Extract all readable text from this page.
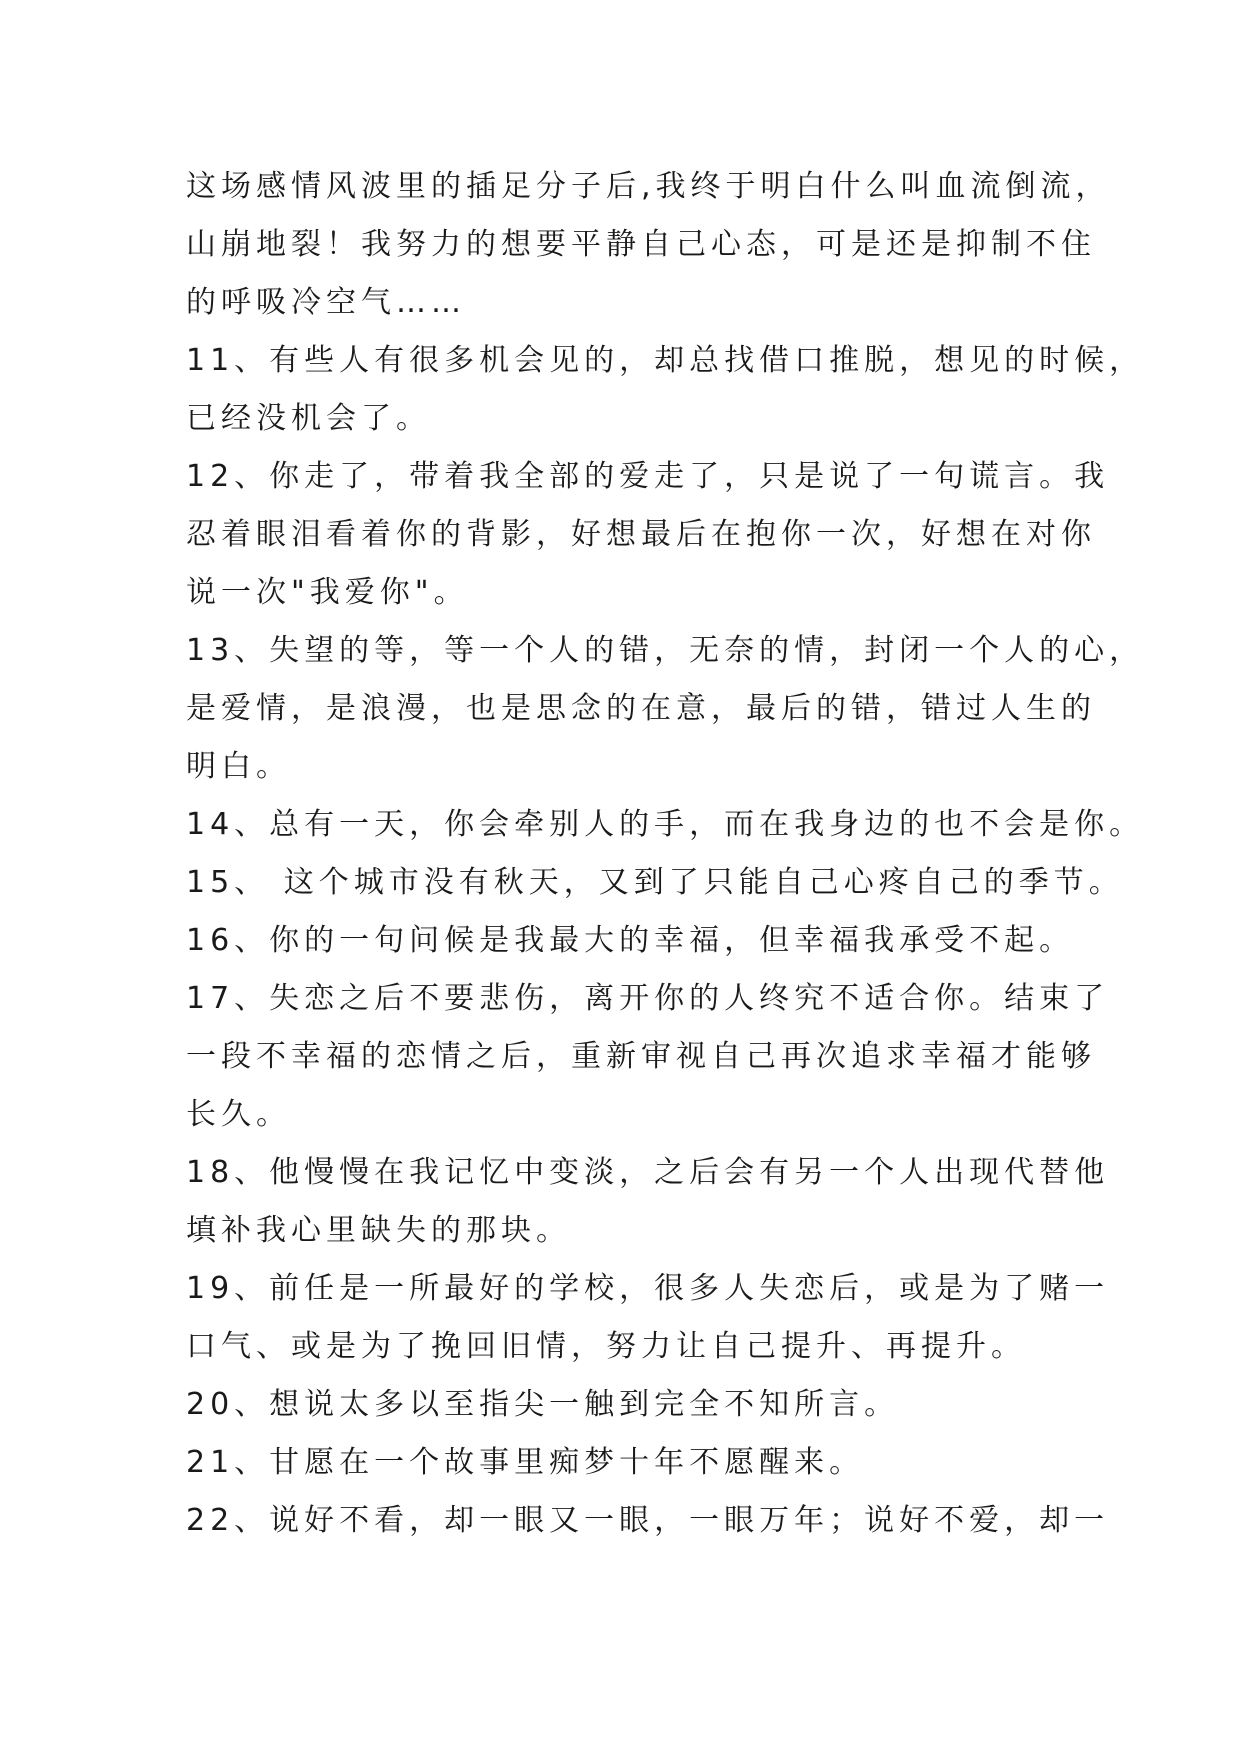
这场感情风波里的插足分子后,我终于明白什么叫血流倒流，
山崩地裂！我努力的想要平静自己心态，可是还是抑制不住
的呼吸冷空气……
11、有些人有很多机会见的，却总找借口推脱，想见的时候，
已经没机会了。
12、你走了，带着我全部的爱走了，只是说了一句谎言。我
忍着眼泪看着你的背影，好想最后在抱你一次，好想在对你
说一次"我爱你"。
13、失望的等，等一个人的错，无奈的情，封闭一个人的心，
是爱情，是浪漫，也是思念的在意，最后的错，错过人生的
明白。
14、总有一天，你会牵别人的手，而在我身边的也不会是你。
15、 这个城市没有秋天，又到了只能自己心疼自己的季节。
16、你的一句问候是我最大的幸福，但幸福我承受不起。
17、失恋之后不要悲伤，离开你的人终究不适合你。结束了
一段不幸福的恋情之后，重新审视自己再次追求幸福才能够
长久。
18、他慢慢在我记忆中变淡，之后会有另一个人出现代替他
填补我心里缺失的那块。
19、前任是一所最好的学校，很多人失恋后，或是为了赌一
口气、或是为了挽回旧情，努力让自己提升、再提升。
20、想说太多以至指尖一触到完全不知所言。
21、甘愿在一个故事里痴梦十年不愿醒来。
22、说好不看，却一眼又一眼，一眼万年；说好不爱，却一
